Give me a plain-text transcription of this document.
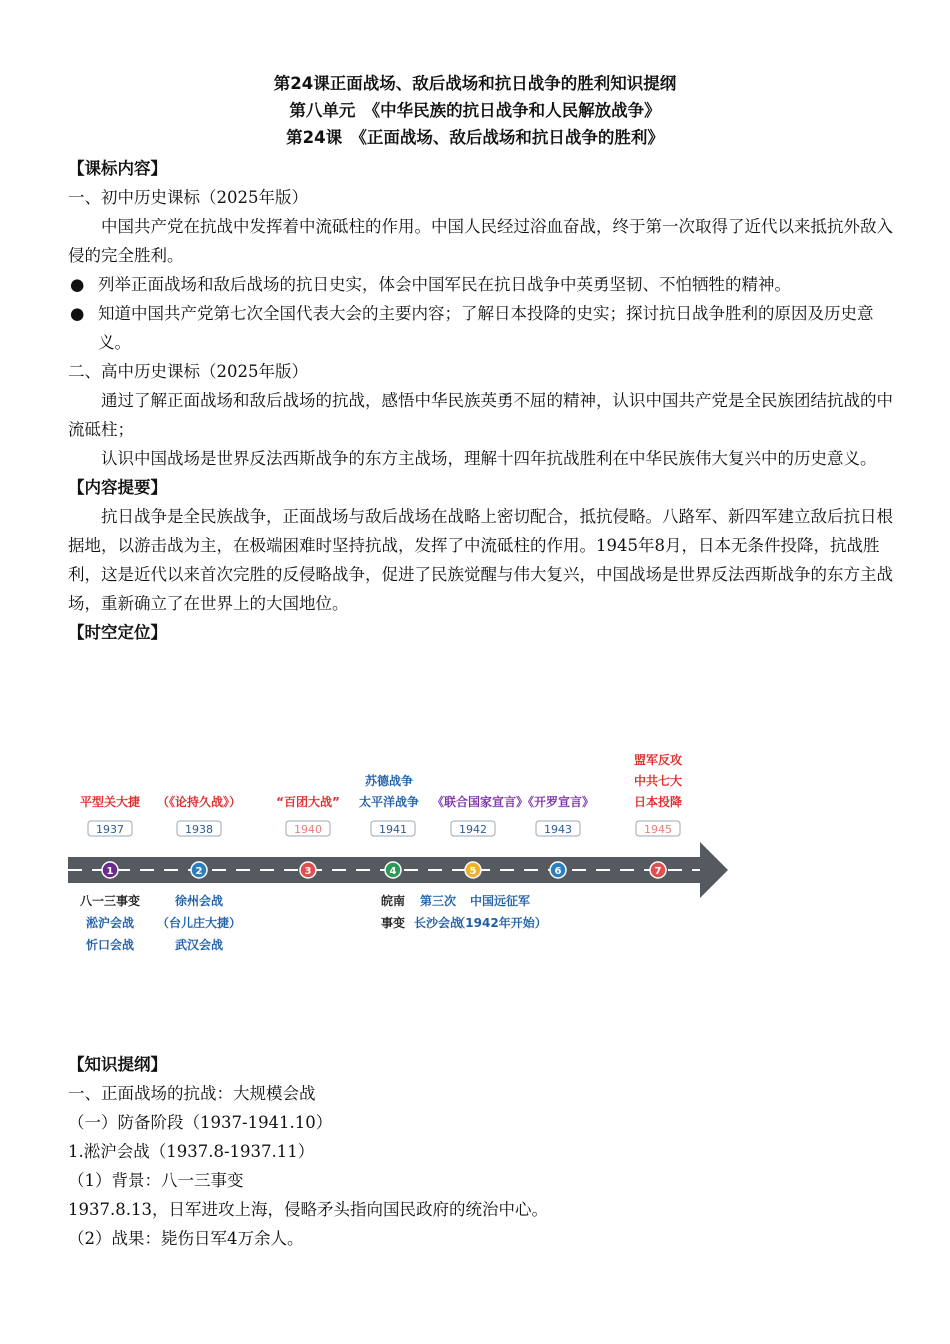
第24课正面战场、敌后战场和抗日战争的胜利知识提纲
第八单元　《中华民族的抗日战争和人民解放战争》
第24课　《正面战场、敌后战场和抗日战争的胜利》

【课标内容】

一、初中历史课标（2025年版）

中国共产党在抗战中发挥着中流砥柱的作用。中国人民经过浴血奋战，终于第一次取得了近代以来抵抗外敌入侵的完全胜利。

● 列举正面战场和敌后战场的抗日史实，体会中国军民在抗日战争中英勇坚韧、不怕牺牲的精神。
● 知道中国共产党第七次全国代表大会的主要内容；了解日本投降的史实；探讨抗日战争胜利的原因及历史意义。

二、高中历史课标（2025年版）

通过了解正面战场和敌后战场的抗战，感悟中华民族英勇不屈的精神，认识中国共产党是全民族团结抗战的中流砥柱；

认识中国战场是世界反法西斯战争的东方主战场，理解十四年抗战胜利在中华民族伟大复兴中的历史意义。

【内容提要】

抗日战争是全民族战争，正面战场与敌后战场在战略上密切配合，抵抗侵略。八路军、新四军建立敌后抗日根据地，以游击战为主，在极端困难时坚持抗战，发挥了中流砥柱的作用。1945年8月，日本无条件投降，抗战胜利，这是近代以来首次完胜的反侵略战争，促进了民族觉醒与伟大复兴，中国战场是世界反法西斯战争的东方主战场，重新确立了在世界上的大国地位。

【时空定位】

1937
1
平型关大捷
八一三事变
淞沪会战
忻口会战
1938
2
（《论持久战》）
徐州会战
（台儿庄大捷）
武汉会战
1940
3
“百团大战”
1941
4
苏德战争
太平洋战争
皖南
事变
1942
5
《联合国家宣言》《开罗宣言》
第三次
长沙会战
1943
6
中国远征军
（1942年开始）
1945
7
盟军反攻
中共七大
日本投降

【知识提纲】

一、正面战场的抗战：大规模会战

（一）防备阶段（1937-1941.10）

1.淞沪会战（1937.8-1937.11）

（1）背景：八一三事变

1937.8.13，日军进攻上海，侵略矛头指向国民政府的统治中心。

（2）战果：毙伤日军4万余人。
